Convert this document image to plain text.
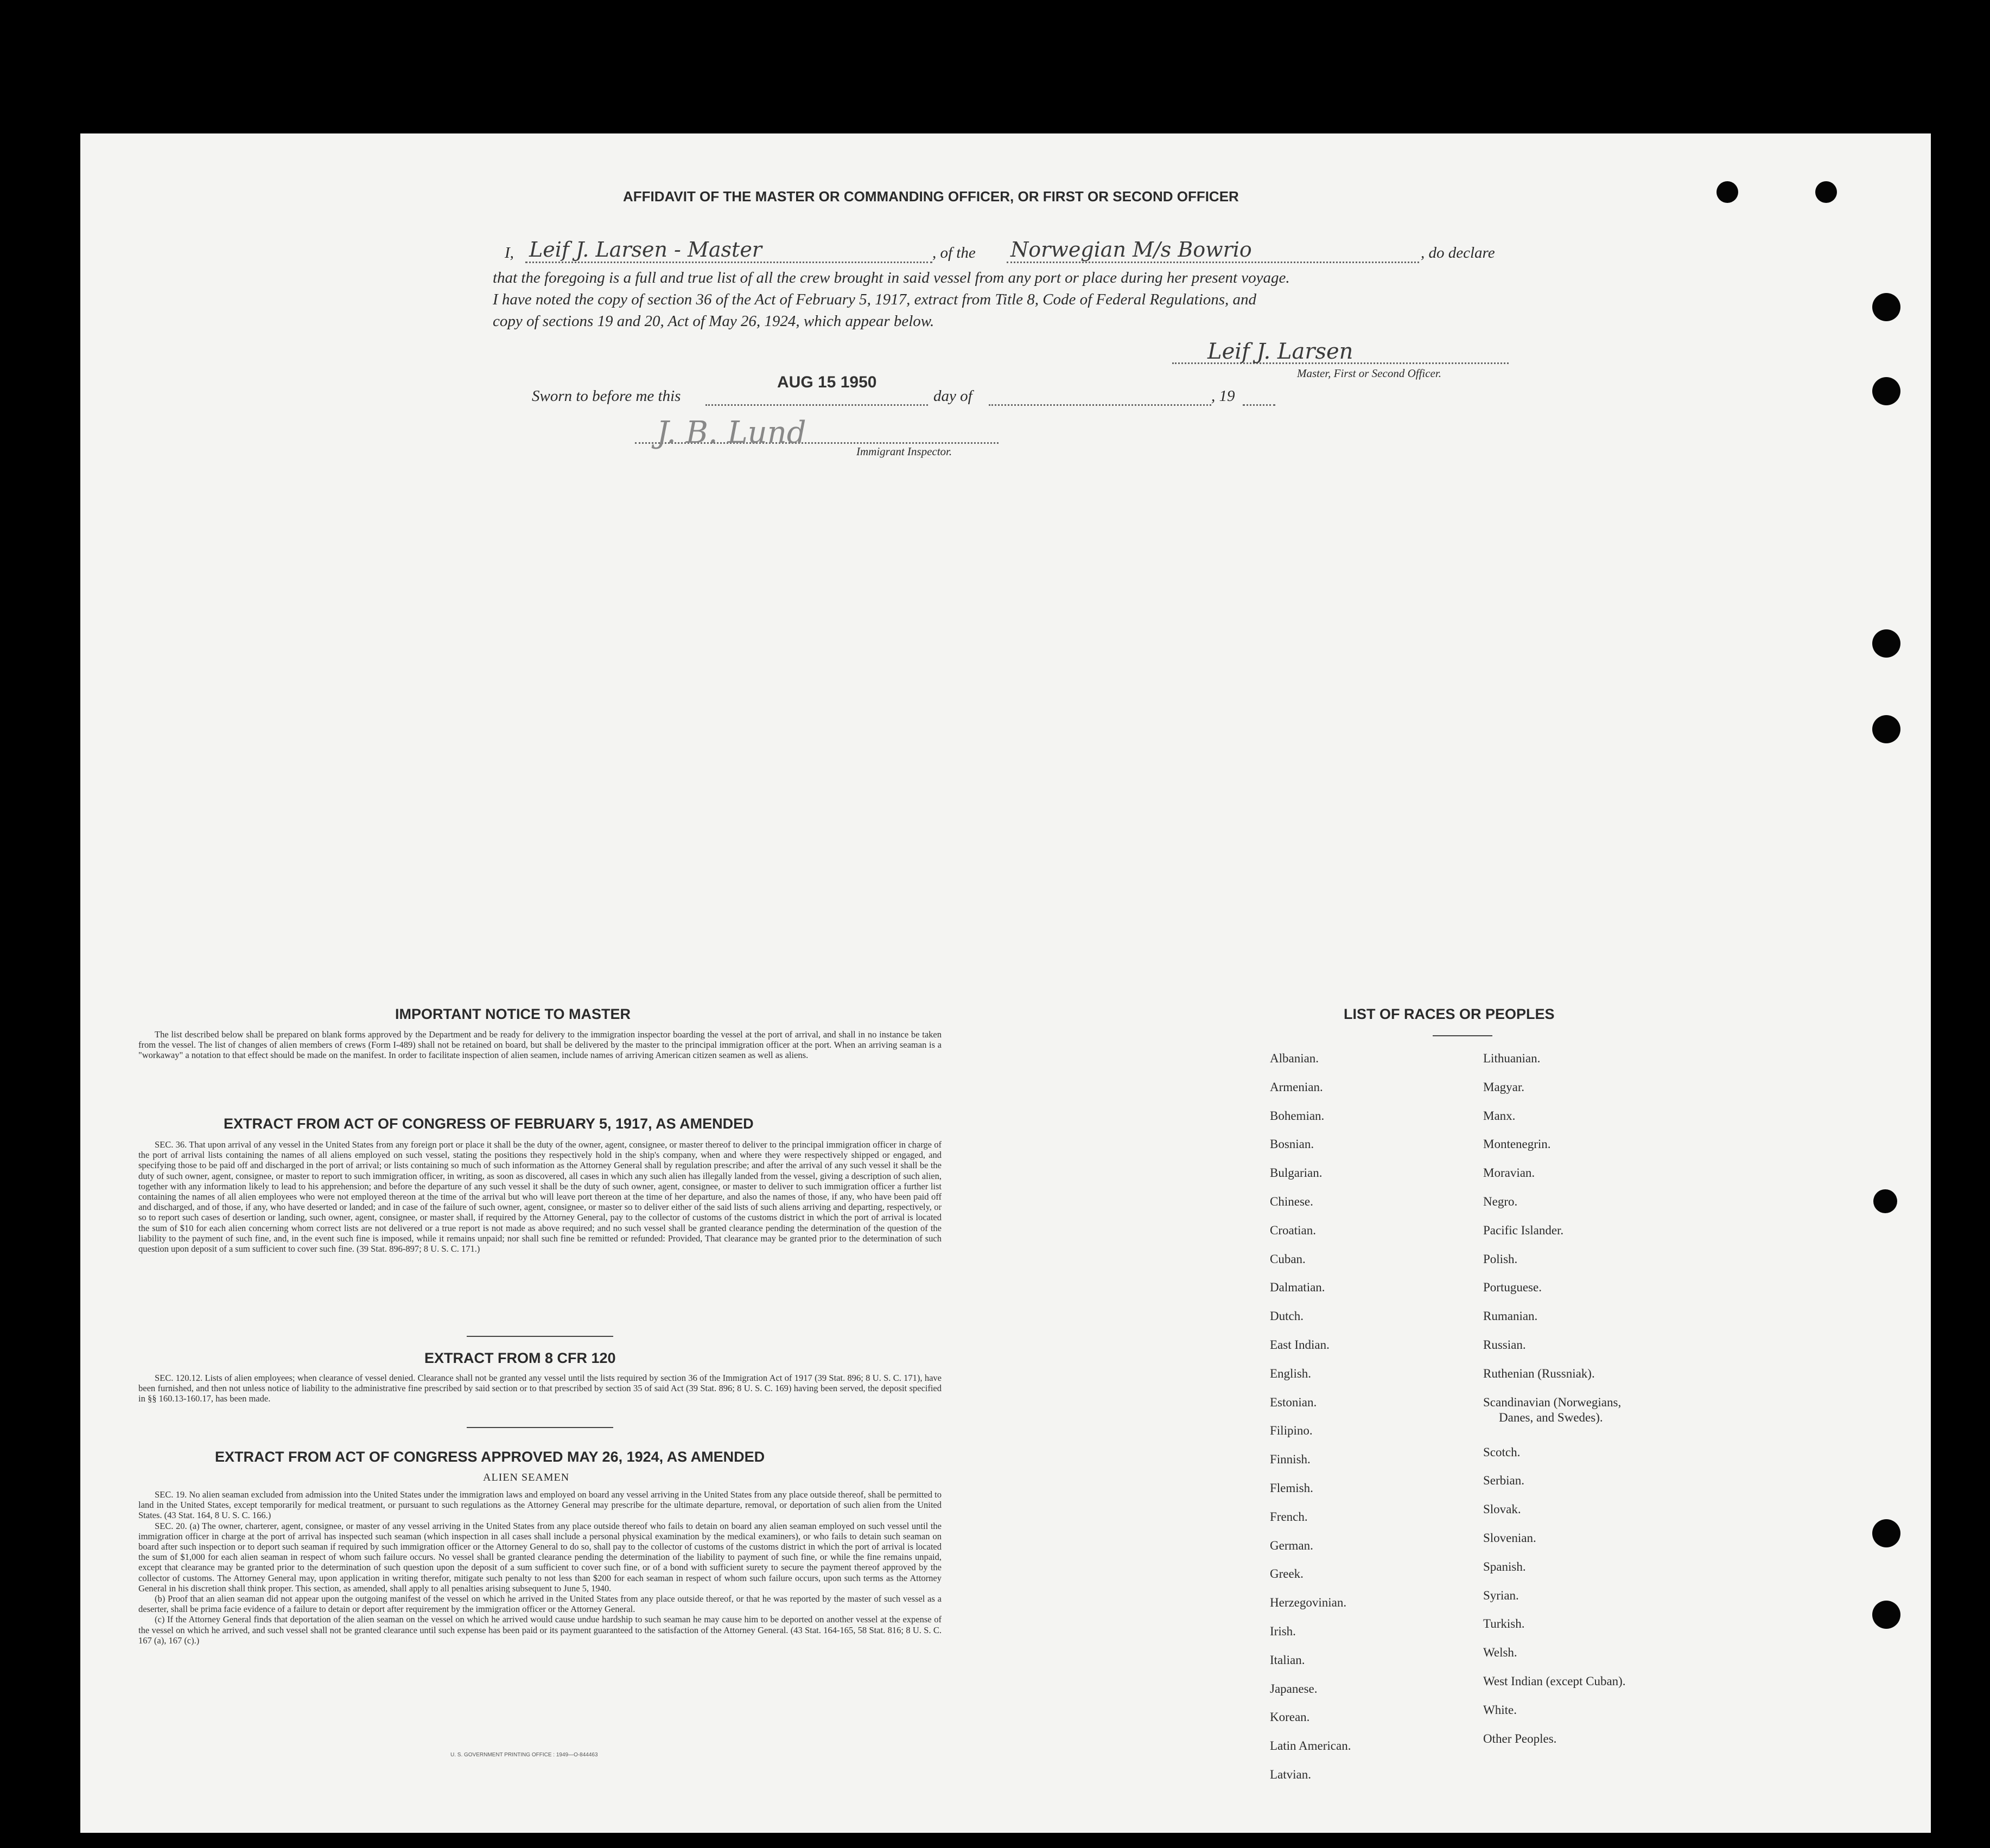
AFFIDAVIT OF THE MASTER OR COMMANDING OFFICER, OR FIRST OR SECOND OFFICER
I, Leif J. Larsen - Master	, of the Norwegian M/s Bowrio	, do declare
that the foregoing is a full and true list of all the crew brought in said vessel from any port or place during her present voyage.
I have noted the copy of section 36 of the Act of February 5, 1917, extract from Title 8, Code of Federal Regulations, and
copy of sections 19 and 20, Act of May 26, 1924, which appear below.
Leif J. Larsen
Master, First or Second Officer.
Sworn to before me this
AUG 15 1950
day of	, 19
J. B. Lund
Immigrant Inspector.
IMPORTANT NOTICE TO MASTER

The list described below shall be prepared on blank forms approved by the Department and be ready for delivery to the immigration inspector boarding the vessel at the port of arrival, and shall in no instance be taken from the vessel. The list of changes of alien members of crews (Form I-489) shall not be retained on board, but shall be delivered by the master to the principal immigration officer at the port. When an arriving seaman is a "workaway" a notation to that effect should be made on the manifest. In order to facilitate inspection of alien seamen, include names of arriving American citizen seamen as well as aliens.

EXTRACT FROM ACT OF CONGRESS OF FEBRUARY 5, 1917, AS AMENDED

SEC. 36. That upon arrival of any vessel in the United States from any foreign port or place it shall be the duty of the owner, agent, consignee, or master thereof to deliver to the principal immigration officer in charge of the port of arrival lists containing the names of all aliens employed on such vessel, stating the positions they respectively hold in the ship's company, when and where they were respectively shipped or engaged, and specifying those to be paid off and discharged in the port of arrival; or lists containing so much of such information as the Attorney General shall by regulation prescribe; and after the arrival of any such vessel it shall be the duty of such owner, agent, consignee, or master to report to such immigration officer, in writing, as soon as discovered, all cases in which any such alien has illegally landed from the vessel, giving a description of such alien, together with any information likely to lead to his apprehension; and before the departure of any such vessel it shall be the duty of such owner, agent, consignee, or master to deliver to such immigration officer a further list containing the names of all alien employees who were not employed thereon at the time of the arrival but who will leave port thereon at the time of her departure, and also the names of those, if any, who have been paid off and discharged, and of those, if any, who have deserted or landed; and in case of the failure of such owner, agent, consignee, or master so to deliver either of the said lists of such aliens arriving and departing, respectively, or so to report such cases of desertion or landing, such owner, agent, consignee, or master shall, if required by the Attorney General, pay to the collector of customs of the customs district in which the port of arrival is located the sum of $10 for each alien concerning whom correct lists are not delivered or a true report is not made as above required; and no such vessel shall be granted clearance pending the determination of the question of the liability to the payment of such fine, and, in the event such fine is imposed, while it remains unpaid; nor shall such fine be remitted or refunded: Provided, That clearance may be granted prior to the determination of such question upon deposit of a sum sufficient to cover such fine. (39 Stat. 896-897; 8 U. S. C. 171.)

EXTRACT FROM 8 CFR 120

SEC. 120.12. Lists of alien employees; when clearance of vessel denied. Clearance shall not be granted any vessel until the lists required by section 36 of the Immigration Act of 1917 (39 Stat. 896; 8 U. S. C. 171), have been furnished, and then not unless notice of liability to the administrative fine prescribed by said section or to that prescribed by section 35 of said Act (39 Stat. 896; 8 U. S. C. 169) having been served, the deposit specified in §§ 160.13-160.17, has been made.

EXTRACT FROM ACT OF CONGRESS APPROVED MAY 26, 1924, AS AMENDED
ALIEN SEAMEN

SEC. 19. No alien seaman excluded from admission into the United States under the immigration laws and employed on board any vessel arriving in the United States from any place outside thereof, shall be permitted to land in the United States, except temporarily for medical treatment, or pursuant to such regulations as the Attorney General may prescribe for the ultimate departure, removal, or deportation of such alien from the United States. (43 Stat. 164, 8 U. S. C. 166.)

SEC. 20. (a) The owner, charterer, agent, consignee, or master of any vessel arriving in the United States from any place outside thereof who fails to detain on board any alien seaman employed on such vessel until the immigration officer in charge at the port of arrival has inspected such seaman (which inspection in all cases shall include a personal physical examination by the medical examiners), or who fails to detain such seaman on board after such inspection or to deport such seaman if required by such immigration officer or the Attorney General to do so, shall pay to the collector of customs of the customs district in which the port of arrival is located the sum of $1,000 for each alien seaman in respect of whom such failure occurs. No vessel shall be granted clearance pending the determination of the liability to payment of such fine, or while the fine remains unpaid, except that clearance may be granted prior to the determination of such question upon the deposit of a sum sufficient to cover such fine, or of a bond with sufficient surety to secure the payment thereof approved by the collector of customs. The Attorney General may, upon application in writing therefor, mitigate such penalty to not less than $200 for each seaman in respect of whom such failure occurs, upon such terms as the Attorney General in his discretion shall think proper. This section, as amended, shall apply to all penalties arising subsequent to June 5, 1940.

(b) Proof that an alien seaman did not appear upon the outgoing manifest of the vessel on which he arrived in the United States from any place outside thereof, or that he was reported by the master of such vessel as a deserter, shall be prima facie evidence of a failure to detain or deport after requirement by the immigration officer or the Attorney General.

(c) If the Attorney General finds that deportation of the alien seaman on the vessel on which he arrived would cause undue hardship to such seaman he may cause him to be deported on another vessel at the expense of the vessel on which he arrived, and such vessel shall not be granted clearance until such expense has been paid or its payment guaranteed to the satisfaction of the Attorney General. (43 Stat. 164-165, 58 Stat. 816; 8 U. S. C. 167 (a), 167 (c).)

U. S. GOVERNMENT PRINTING OFFICE : 1949—O-844463
LIST OF RACES OR PEOPLES
Albanian.
Armenian.
Bohemian.
Bosnian.
Bulgarian.
Chinese.
Croatian.
Cuban.
Dalmatian.
Dutch.
East Indian.
English.
Estonian.
Filipino.
Finnish.
Flemish.
French.
German.
Greek.
Herzegovinian.
Irish.
Italian.
Japanese.
Korean.
Latin American.
Latvian.
Lithuanian.
Magyar.
Manx.
Montenegrin.
Moravian.
Negro.
Pacific Islander.
Polish.
Portuguese.
Rumanian.
Russian.
Ruthenian (Russniak).
Scandinavian (Norwegians,
Danes, and Swedes).
Scotch.
Serbian.
Slovak.
Slovenian.
Spanish.
Syrian.
Turkish.
Welsh.
West Indian (except Cuban).
White.
Other Peoples.
